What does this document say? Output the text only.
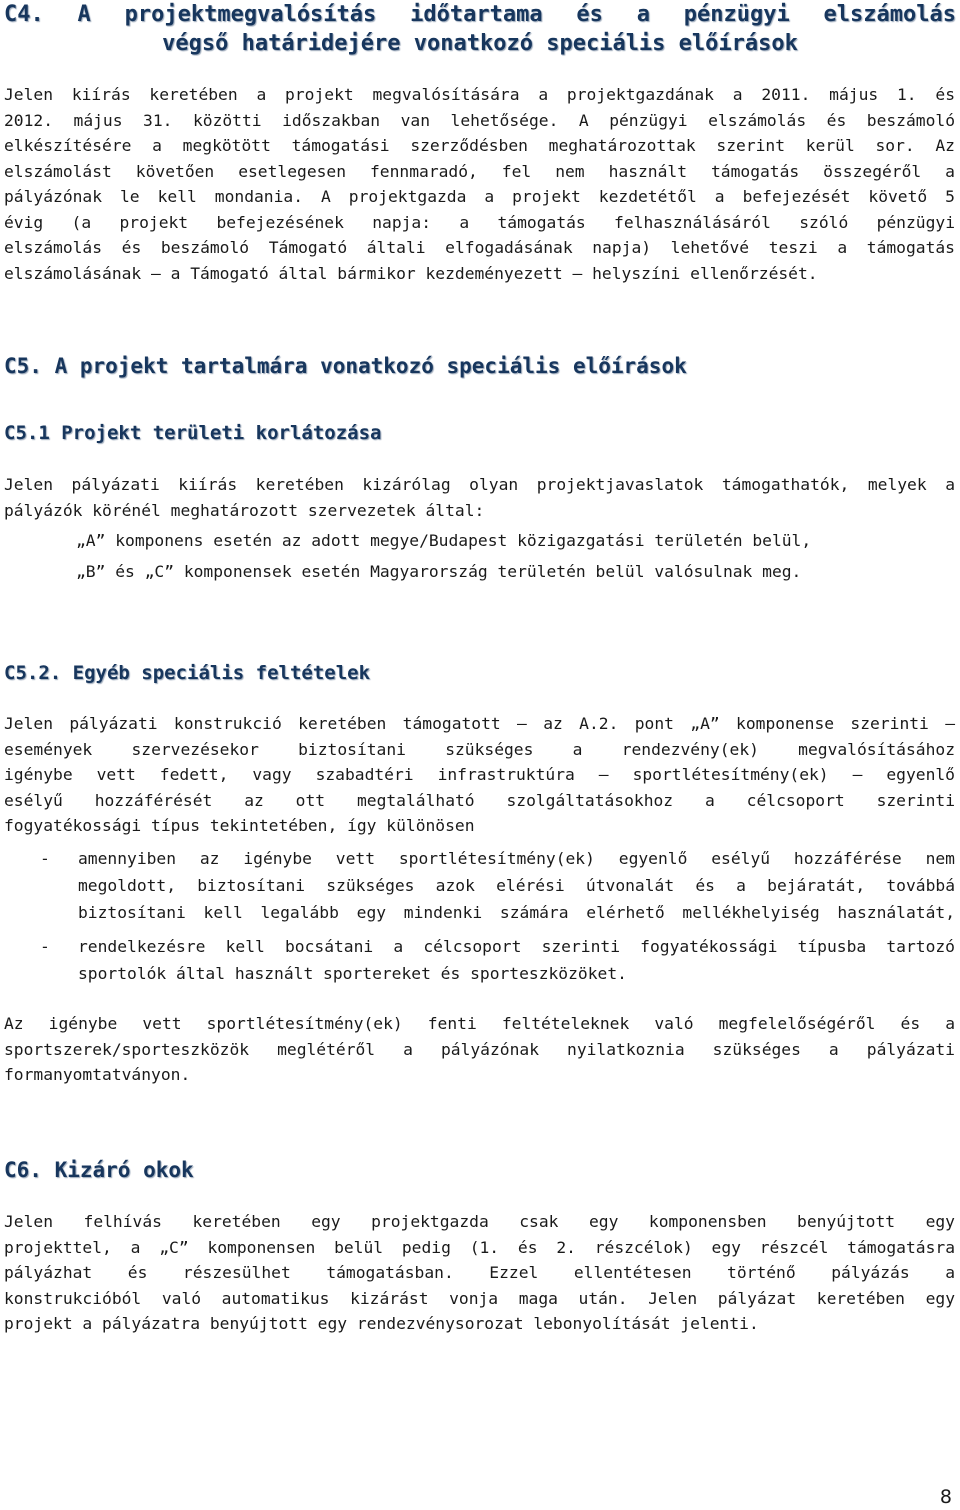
C4. A projektmegvalósítás időtartama és a pénzügyi elszámolás
végső határidejére vonatkozó speciális előírások
Jelen kiírás keretében a projekt megvalósítására a projektgazdának a 2011. május 1. és
2012. május 31. közötti időszakban van lehetősége. A pénzügyi elszámolás és beszámoló
elkészítésére a megkötött támogatási szerződésben meghatározottak szerint kerül sor. Az
elszámolást követően esetlegesen fennmaradó, fel nem használt támogatás összegéről a
pályázónak le kell mondania. A projektgazda a projekt kezdetétől a befejezését követő 5
évig (a projekt befejezésének napja: a támogatás felhasználásáról szóló pénzügyi
elszámolás és beszámoló Támogató általi elfogadásának napja) lehetővé teszi a támogatás
elszámolásának – a Támogató által bármikor kezdeményezett – helyszíni ellenőrzését.
C5. A projekt tartalmára vonatkozó speciális előírások
C5.1 Projekt területi korlátozása
Jelen pályázati kiírás keretében kizárólag olyan projektjavaslatok támogathatók, melyek a
pályázók körénél meghatározott szervezetek által:
„A” komponens esetén az adott megye/Budapest közigazgatási területén belül,
„B” és „C” komponensek esetén Magyarország területén belül valósulnak meg.
C5.2. Egyéb speciális feltételek
Jelen pályázati konstrukció keretében támogatott – az A.2. pont „A” komponense szerinti –
események szervezésekor biztosítani szükséges a rendezvény(ek) megvalósításához
igénybe vett fedett, vagy szabadtéri infrastruktúra – sportlétesítmény(ek) – egyenlő
esélyű hozzáférését az ott megtalálható szolgáltatásokhoz a célcsoport szerinti
fogyatékossági típus tekintetében, így különösen
- amennyiben az igénybe vett sportlétesítmény(ek) egyenlő esélyű hozzáférése nem
megoldott, biztosítani szükséges azok elérési útvonalát és a bejáratát, továbbá
biztosítani kell legalább egy mindenki számára elérhető mellékhelyiség használatát,
- rendelkezésre kell bocsátani a célcsoport szerinti fogyatékossági típusba tartozó
sportolók által használt sportereket és sporteszközöket.
Az igénybe vett sportlétesítmény(ek) fenti feltételeknek való megfelelőségéről és a
sportszerek/sporteszközök meglétéről a pályázónak nyilatkoznia szükséges a pályázati
formanyomtatványon.
C6. Kizáró okok
Jelen felhívás keretében egy projektgazda csak egy komponensben benyújtott egy
projekttel, a „C” komponensen belül pedig (1. és 2. részcélok) egy részcél támogatásra
pályázhat és részesülhet támogatásban. Ezzel ellentétesen történő pályázás a
konstrukcióból való automatikus kizárást vonja maga után. Jelen pályázat keretében egy
projekt a pályázatra benyújtott egy rendezvénysorozat lebonyolítását jelenti.
8
